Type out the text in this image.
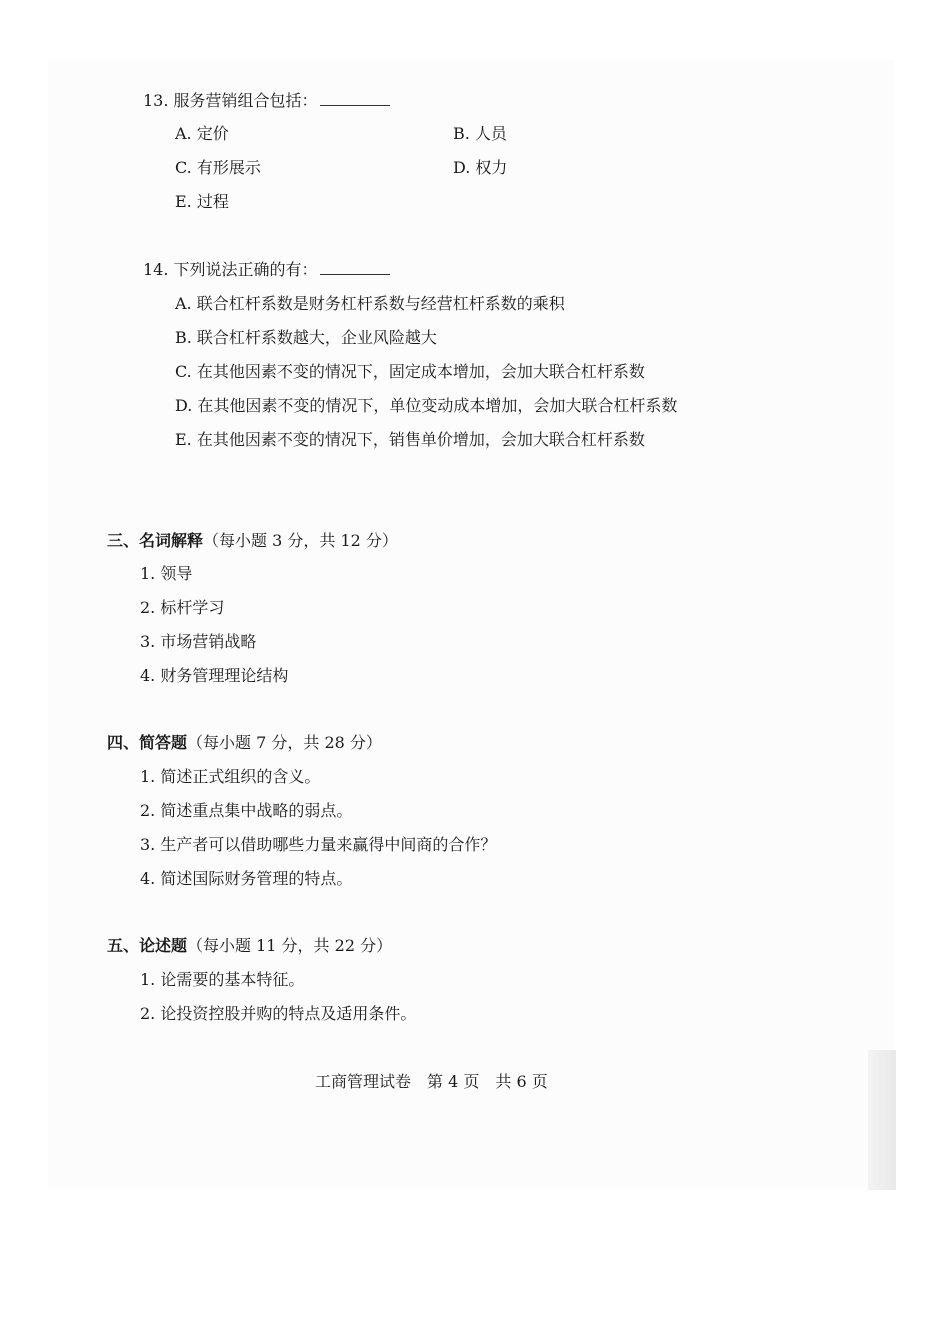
13. 服务营销组合包括：
A. 定价	B. 人员
C. 有形展示	D. 权力
E. 过程
14. 下列说法正确的有：
A. 联合杠杆系数是财务杠杆系数与经营杠杆系数的乘积
B. 联合杠杆系数越大，企业风险越大
C. 在其他因素不变的情况下，固定成本增加，会加大联合杠杆系数
D. 在其他因素不变的情况下，单位变动成本增加，会加大联合杠杆系数
E. 在其他因素不变的情况下，销售单价增加，会加大联合杠杆系数
三、名词解释（每小题 3 分，共 12 分）
1. 领导
2. 标杆学习
3. 市场营销战略
4. 财务管理理论结构
四、简答题（每小题 7 分，共 28 分）
1. 简述正式组织的含义。
2. 简述重点集中战略的弱点。
3. 生产者可以借助哪些力量来赢得中间商的合作？
4. 简述国际财务管理的特点。
五、论述题（每小题 11 分，共 22 分）
1. 论需要的基本特征。
2. 论投资控股并购的特点及适用条件。
工商管理试卷　第 4 页　共 6 页
